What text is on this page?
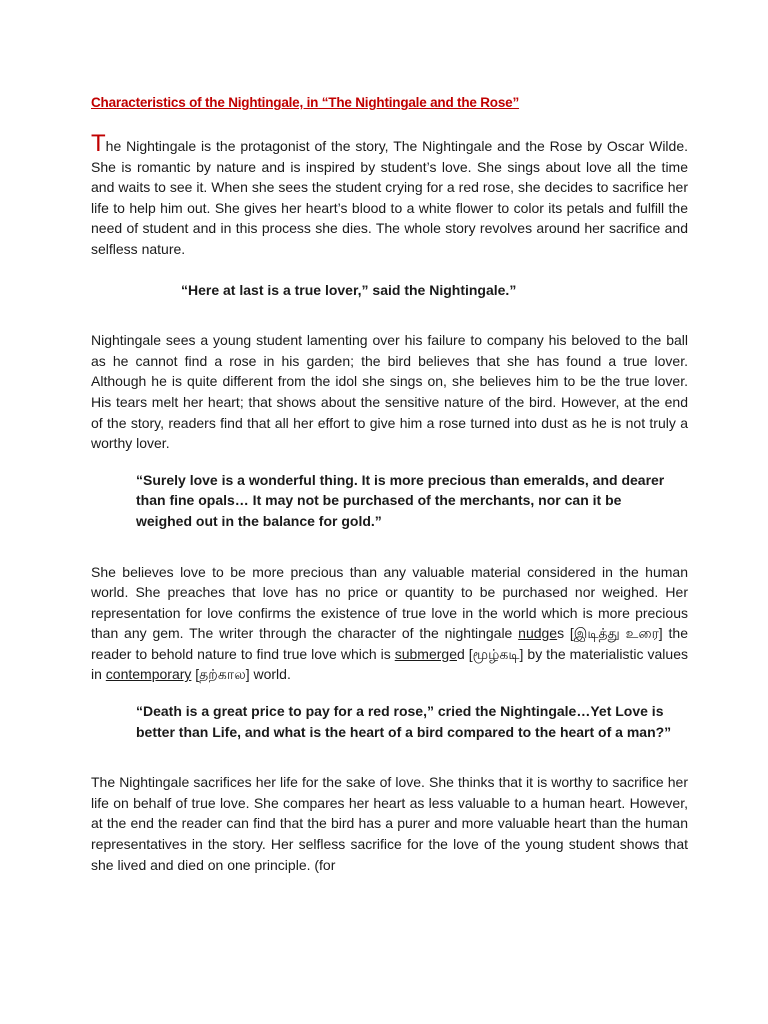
Characteristics of the Nightingale, in “The Nightingale and the Rose”

The Nightingale is the protagonist of the story, The Nightingale and the Rose by Oscar Wilde. She is romantic by nature and is inspired by student’s love. She sings about love all the time and waits to see it. When she sees the student crying for a red rose, she decides to sacrifice her life to help him out. She gives her heart’s blood to a white flower to color its petals and fulfill the need of student and in this process she dies. The whole story revolves around her sacrifice and selfless nature.

“Here at last is a true lover,” said the Nightingale.”

Nightingale sees a young student lamenting over his failure to company his beloved to the ball as he cannot find a rose in his garden; the bird believes that she has found a true lover. Although he is quite different from the idol she sings on, she believes him to be the true lover. His tears melt her heart; that shows about the sensitive nature of the bird. However, at the end of the story, readers find that all her effort to give him a rose turned into dust as he is not truly a worthy lover.

“Surely love is a wonderful thing. It is more precious than emeralds, and dearer than fine opals… It may not be purchased of the merchants, nor can it be weighed out in the balance for gold.”

She believes love to be more precious than any valuable material considered in the human world. She preaches that love has no price or quantity to be purchased nor weighed. Her representation for love confirms the existence of true love in the world which is more precious than any gem. The writer through the character of the nightingale nudges [இடித்து உரை] the reader to behold nature to find true love which is submerged [மூழ்கடி] by the materialistic values in contemporary [தற்கால] world.

“Death is a great price to pay for a red rose,” cried the Nightingale…Yet Love is better than Life, and what is the heart of a bird compared to the heart of a man?”

The Nightingale sacrifices her life for the sake of love. She thinks that it is worthy to sacrifice her life on behalf of true love. She compares her heart as less valuable to a human heart. However, at the end the reader can find that the bird has a purer and more valuable heart than the human representatives in the story. Her selfless sacrifice for the love of the young student shows that she lived and died on one principle. (for
